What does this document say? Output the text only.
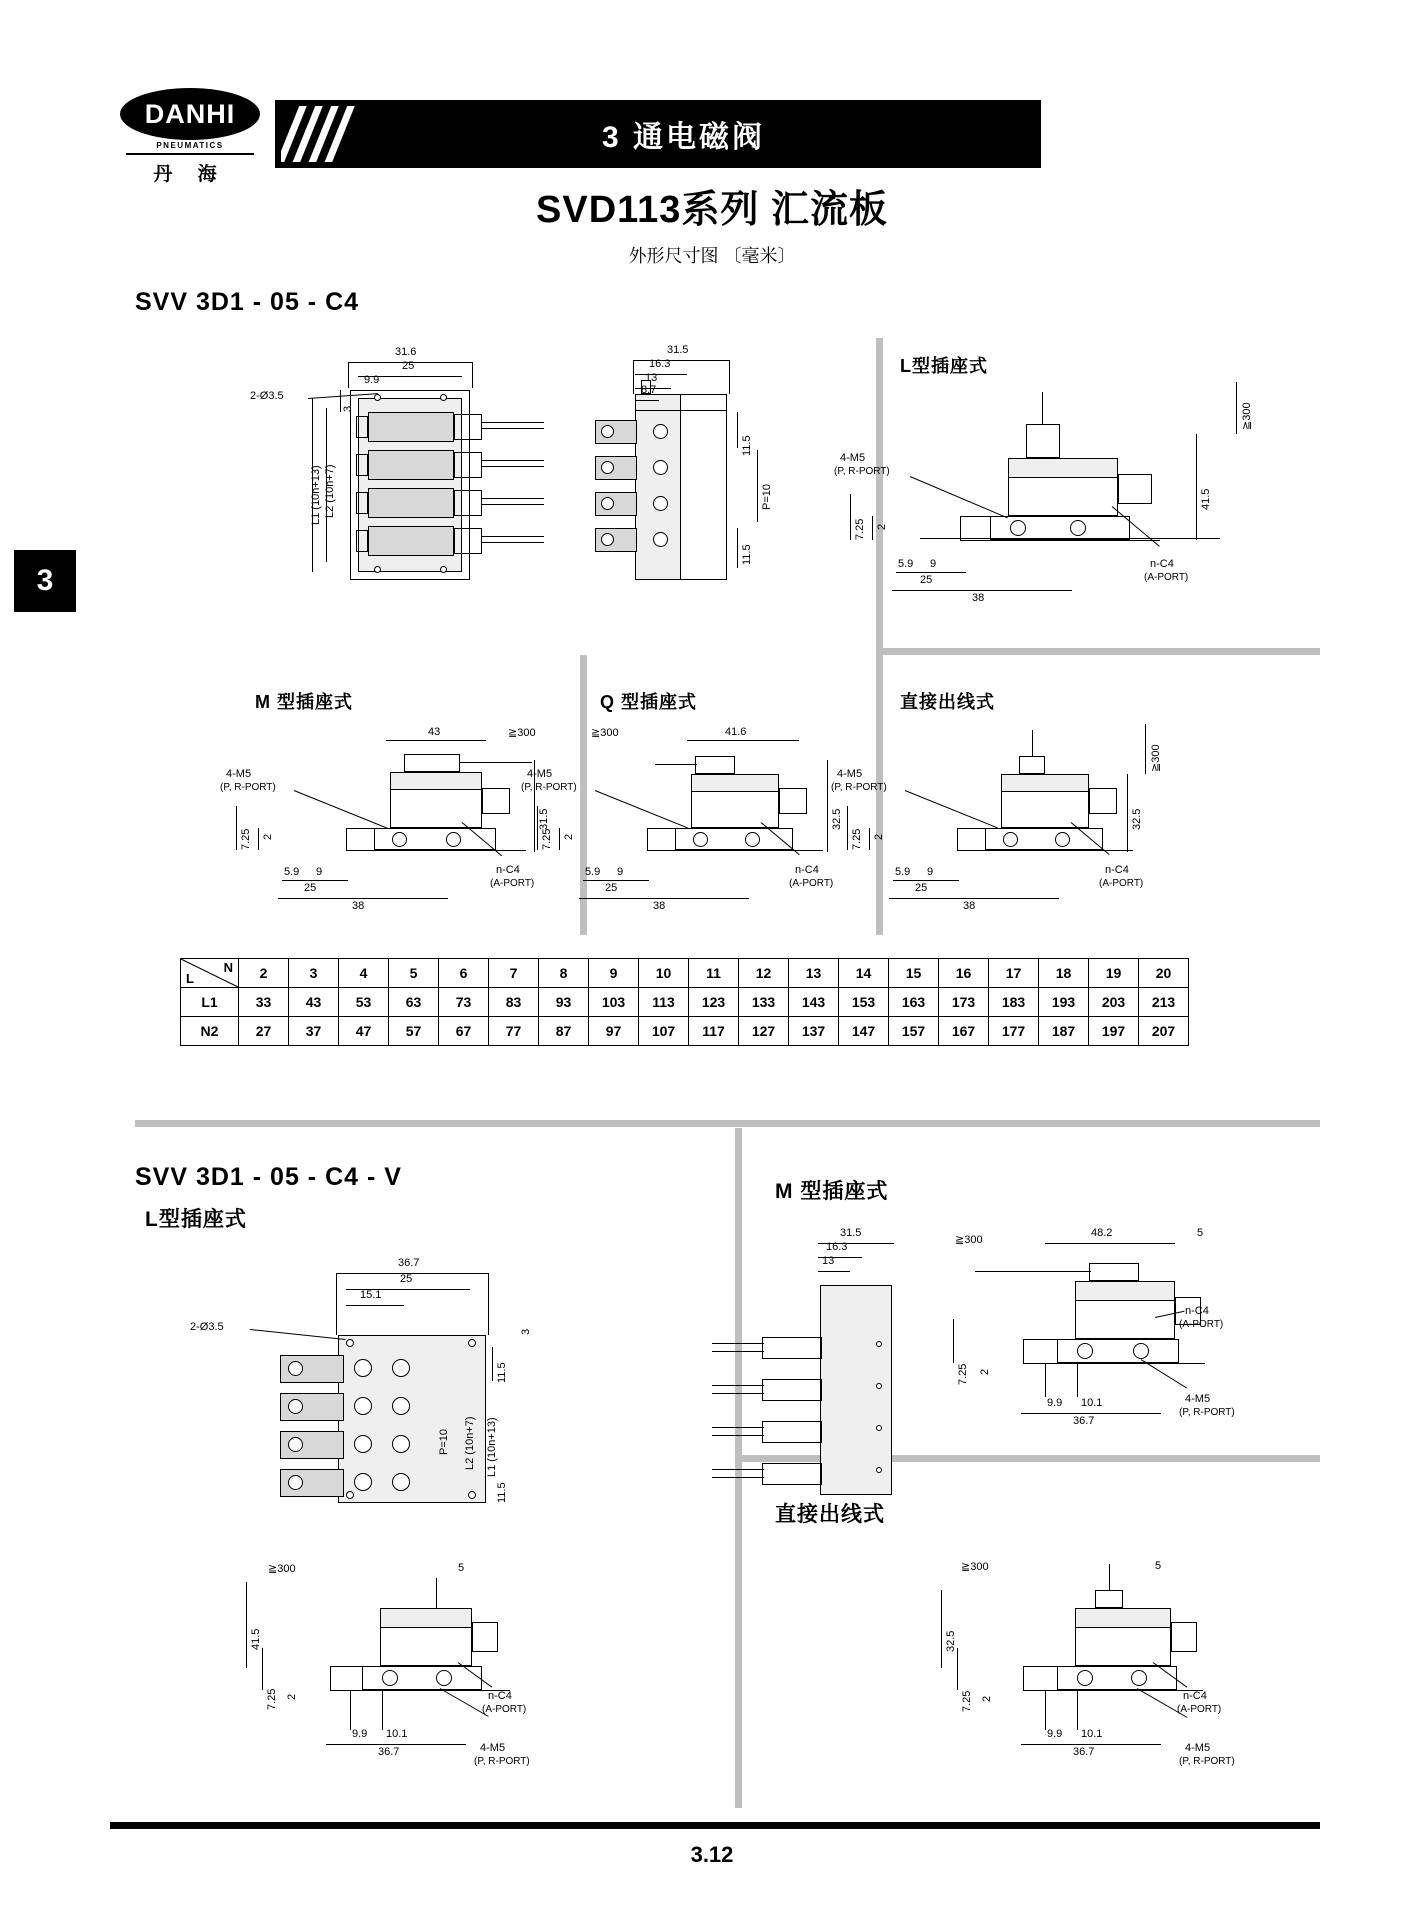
DANHI
PNEUMATICS
丹 海
3 通电磁阀
3
SVD113系列 汇流板
外形尺寸图 〔毫米〕
SVV 3D1 - 05 - C4
L型插座式
31.6
25
9.9
2-Ø3.5
L1 (10n+13) L2 (10n+7)
3
31.5
16.3
13
8.7
11.5
P=10
11.5
4-M5
(P, R-PORT)
n-C4
(A-PORT)
7.25 2
5.9 9
25
38
≧300
41.5
M 型插座式	Q 型插座式	直接出线式
43	≧300
31.5
4-M5
(P, R-PORT)
n-C4
(A-PORT)
7.25 2
5.9 9
25
38
≧300	41.6
32.5
4-M5
(P, R-PORT)
n-C4
(A-PORT)
7.25 2
5.9 9
25
38
≧300
32.5
4-M5
(P, R-PORT)
n-C4
(A-PORT)
7.25 2
5.9 9
25
38
N
L	2	3	4	5	6	7	8	9	10	11	12	13	14	15	16	17	18	19	20
L1	33	43	53	63	73	83	93	103	113	123	133	143	153	163	173	183	193	203	213
N2	27	37	47	57	67	77	87	97	107	117	127	137	147	157	167	177	187	197	207
SVV 3D1 - 05 - C4 - V
L型插座式
M 型插座式
直接出线式
36.7
25
15.1
2-Ø3.5
11.5
3
P=10 L2 (10n+7) L1 (10n+13)
11.5
31.5
16.3
13
≧300	5
41.5
7.25 2	n-C4
(A-PORT)
4-M5
(P, R-PORT)
9.9 10.1
36.7
≧300
48.2	5
7.25 2
n-C4
(A-PORT)
4-M5
(P, R-PORT)
9.9 10.1
36.7
≧300	5
32.5
7.25 2	n-C4
(A-PORT)
4-M5
(P, R-PORT)
9.9 10.1
36.7
3.12
